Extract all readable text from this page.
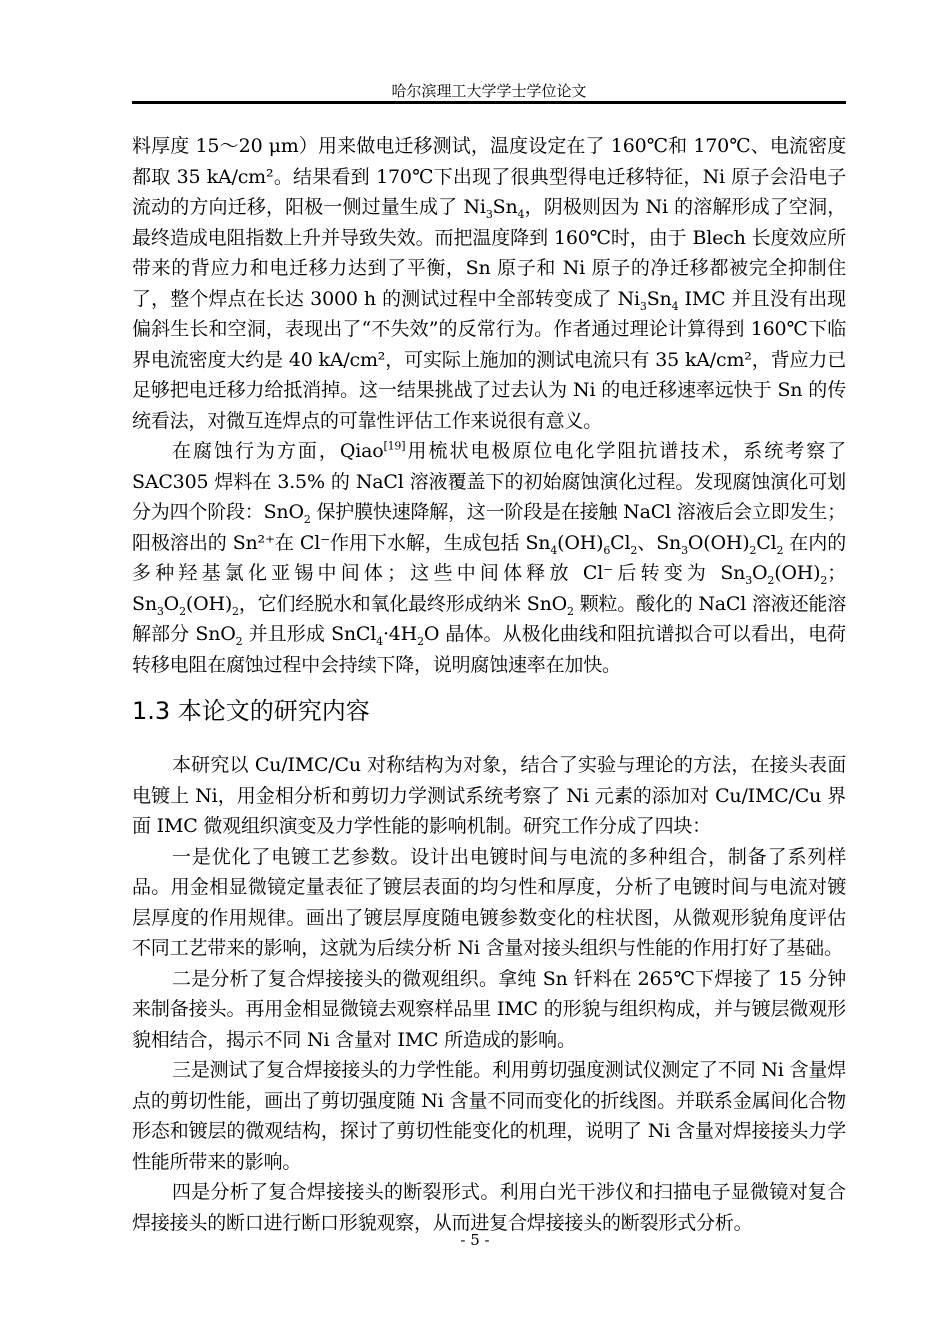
哈尔滨理工大学学士学位论文

料厚度 15～20 μm）用来做电迁移测试，温度设定在了 160℃和 170℃、电流密度都取 35 kA/cm²。结果看到 170℃下出现了很典型得电迁移特征，Ni 原子会沿电子流动的方向迁移，阳极一侧过量生成了 $Ni_3Sn_4$，阴极则因为 Ni 的溶解形成了空洞，最终造成电阻指数上升并导致失效。而把温度降到 160℃时，由于 Blech 长度效应所带来的背应力和电迁移力达到了平衡，Sn 原子和 Ni 原子的净迁移都被完全抑制住了，整个焊点在长达 3000 h 的测试过程中全部转变成了 $Ni_3Sn_4$ IMC 并且没有出现偏斜生长和空洞，表现出了“不失效”的反常行为。作者通过理论计算得到 160℃下临界电流密度大约是 40 kA/cm²，可实际上施加的测试电流只有 35 kA/cm²，背应力已足够把电迁移力给抵消掉。这一结果挑战了过去认为 Ni 的电迁移速率远快于 Sn 的传统看法，对微互连焊点的可靠性评估工作来说很有意义。

在腐蚀行为方面，Qiao[19]用梳状电极原位电化学阻抗谱技术，系统考察了 SAC305 焊料在 3.5% 的 NaCl 溶液覆盖下的初始腐蚀演化过程。发现腐蚀演化可划分为四个阶段：SnO$_2$ 保护膜快速降解，这一阶段是在接触 NaCl 溶液后会立即发生；阳极溶出的 Sn²⁺在 Cl⁻作用下水解，生成包括 $Sn_4(OH)_6Cl_2$、$Sn_3O(OH)_2Cl_2$ 在内的多种羟基氯化亚锡中间体；这些中间体释放 Cl⁻后转变为 $Sn_3O_2(OH)_2$；$Sn_3O_2(OH)_2$，它们经脱水和氧化最终形成纳米 SnO$_2$ 颗粒。酸化的 NaCl 溶液还能溶解部分 SnO$_2$ 并且形成 $SnCl_4\cdot 4H_2O$ 晶体。从极化曲线和阻抗谱拟合可以看出，电荷转移电阻在腐蚀过程中会持续下降，说明腐蚀速率在加快。

1.3 本论文的研究内容

本研究以 Cu/IMC/Cu 对称结构为对象，结合了实验与理论的方法，在接头表面电镀上 Ni，用金相分析和剪切力学测试系统考察了 Ni 元素的添加对 Cu/IMC/Cu 界面 IMC 微观组织演变及力学性能的影响机制。研究工作分成了四块：

一是优化了电镀工艺参数。设计出电镀时间与电流的多种组合，制备了系列样品。用金相显微镜定量表征了镀层表面的均匀性和厚度，分析了电镀时间与电流对镀层厚度的作用规律。画出了镀层厚度随电镀参数变化的柱状图，从微观形貌角度评估不同工艺带来的影响，这就为后续分析 Ni 含量对接头组织与性能的作用打好了基础。

二是分析了复合焊接接头的微观组织。拿纯 Sn 钎料在 265℃下焊接了 15 分钟来制备接头。再用金相显微镜去观察样品里 IMC 的形貌与组织构成，并与镀层微观形貌相结合，揭示不同 Ni 含量对 IMC 所造成的影响。

三是测试了复合焊接接头的力学性能。利用剪切强度测试仪测定了不同 Ni 含量焊点的剪切性能，画出了剪切强度随 Ni 含量不同而变化的折线图。并联系金属间化合物形态和镀层的微观结构，探讨了剪切性能变化的机理，说明了 Ni 含量对焊接接头力学性能所带来的影响。

四是分析了复合焊接接头的断裂形式。利用白光干涉仪和扫描电子显微镜对复合焊接接头的断口进行断口形貌观察，从而进复合焊接接头的断裂形式分析。

- 5 -
